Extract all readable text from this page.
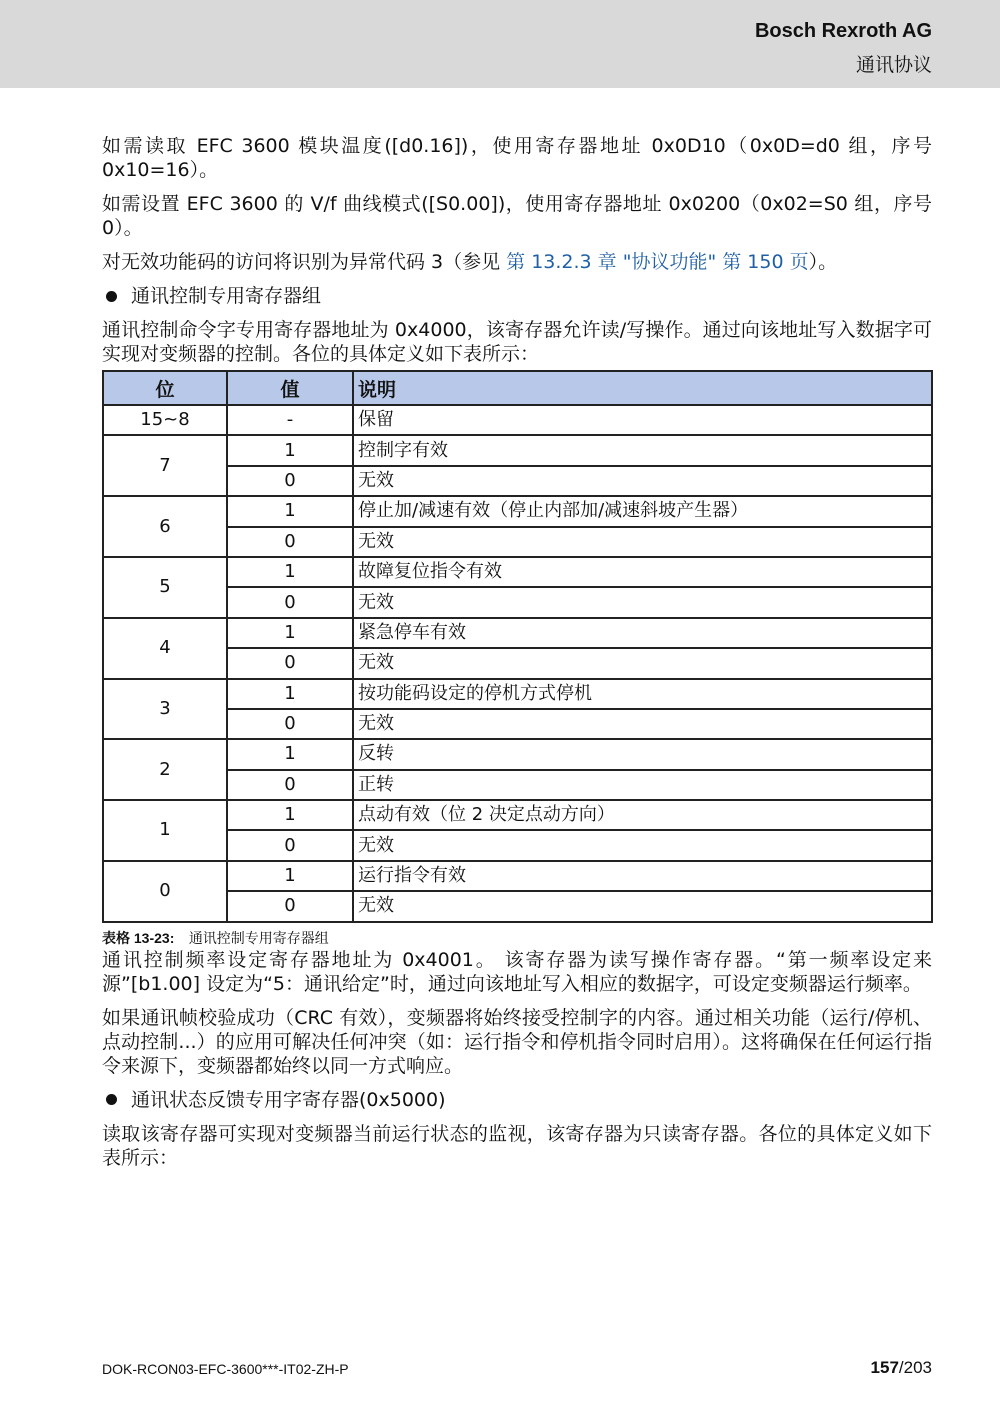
Bosch Rexroth AG
通讯协议

如需读取 EFC 3600 模块温度([d0.16])，使用寄存器地址 0x0D10（0x0D=d0 组，序号 0x10=16）。

如需设置 EFC 3600 的 V/f 曲线模式([S0.00])，使用寄存器地址 0x0200（0x02=S0 组，序号 0）。

对无效功能码的访问将识别为异常代码 3（参见 第 13.2.3 章 "协议功能" 第 150 页）。

通讯控制专用寄存器组

通讯控制命令字专用寄存器地址为 0x4000，该寄存器允许读/写操作。通过向该地址写入数据字可实现对变频器的控制。各位的具体定义如下表所示：

位	值	说明
15~8	-	保留
7	1	控制字有效
	0	无效
6	1	停止加/减速有效（停止内部加/减速斜坡产生器）
	0	无效
5	1	故障复位指令有效
	0	无效
4	1	紧急停车有效
	0	无效
3	1	按功能码设定的停机方式停机
	0	无效
2	1	反转
	0	正转
1	1	点动有效（位 2 决定点动方向）
	0	无效
0	1	运行指令有效
	0	无效
表格 13-23: 通讯控制专用寄存器组

通讯控制频率设定寄存器地址为 0x4001。 该寄存器为读写操作寄存器。“第一频率设定来源”[b1.00] 设定为“5：通讯给定”时，通过向该地址写入相应的数据字，可设定变频器运行频率。

如果通讯帧校验成功（CRC 有效），变频器将始终接受控制字的内容。通过相关功能（运行/停机、点动控制...）的应用可解决任何冲突（如：运行指令和停机指令同时启用）。这将确保在任何运行指令来源下，变频器都始终以同一方式响应。

通讯状态反馈专用字寄存器(0x5000)

读取该寄存器可实现对变频器当前运行状态的监视，该寄存器为只读寄存器。各位的具体定义如下表所示：

DOK-RCON03-EFC-3600***-IT02-ZH-P	157/203
